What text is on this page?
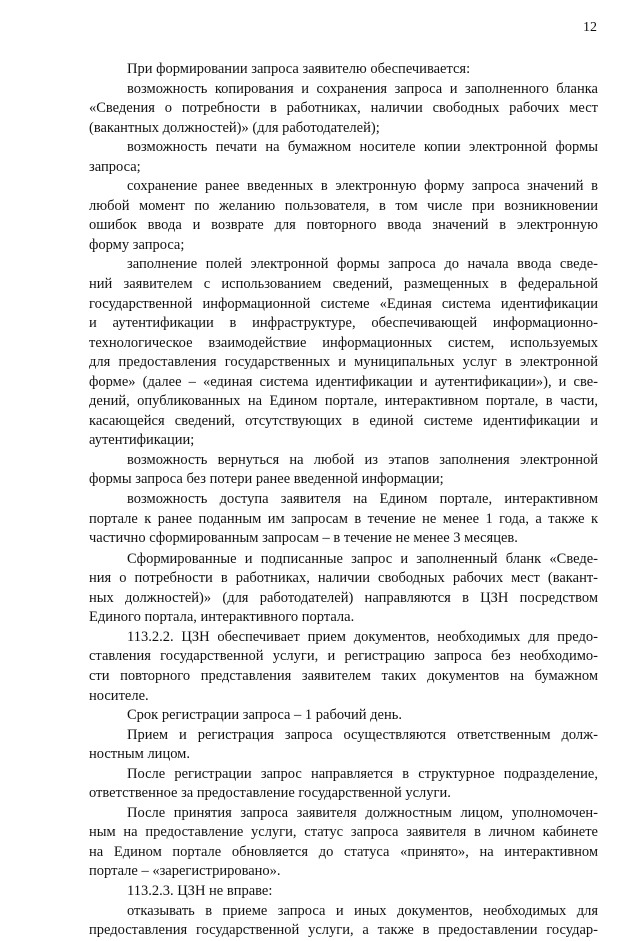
12
При формировании запроса заявителю обеспечивается:
возможность копирования и сохранения запроса и заполненного бланка
«Сведения о потребности в работниках, наличии свободных рабочих мест
(вакантных должностей)» (для работодателей);
возможность печати на бумажном носителе копии электронной формы
запроса;
сохранение ранее введенных в электронную форму запроса значений в
любой момент по желанию пользователя, в том числе при возникновении
ошибок ввода и возврате для повторного ввода значений в электронную
форму запроса;
заполнение полей электронной формы запроса до начала ввода сведе-
ний заявителем с использованием сведений, размещенных в федеральной
государственной информационной системе «Единая система идентификации
и аутентификации в инфраструктуре, обеспечивающей информационно-
технологическое взаимодействие информационных систем, используемых
для предоставления государственных и муниципальных услуг в электронной
форме» (далее – «единая система идентификации и аутентификации»), и све-
дений, опубликованных на Едином портале, интерактивном портале, в части,
касающейся сведений, отсутствующих в единой системе идентификации и
аутентификации;
возможность вернуться на любой из этапов заполнения электронной
формы запроса без потери ранее введенной информации;
возможность доступа заявителя на Едином портале, интерактивном
портале к ранее поданным им запросам в течение не менее 1 года, а также к
частично сформированным запросам – в течение не менее 3 месяцев.
Сформированные и подписанные запрос и заполненный бланк «Сведе-
ния о потребности в работниках, наличии свободных рабочих мест (вакант-
ных должностей)» (для работодателей) направляются в ЦЗН посредством
Единого портала, интерактивного портала.
113.2.2. ЦЗН обеспечивает прием документов, необходимых для предо-
ставления государственной услуги, и регистрацию запроса без необходимо-
сти повторного представления заявителем таких документов на бумажном
носителе.
Срок регистрации запроса – 1 рабочий день.
Прием и регистрация запроса осуществляются ответственным долж-
ностным лицом.
После регистрации запрос направляется в структурное подразделение,
ответственное за предоставление государственной услуги.
После принятия запроса заявителя должностным лицом, уполномочен-
ным на предоставление услуги, статус запроса заявителя в личном кабинете
на Едином портале обновляется до статуса «принято», на интерактивном
портале – «зарегистрировано».
113.2.3. ЦЗН не вправе:
отказывать в приеме запроса и иных документов, необходимых для
предоставления государственной услуги, а также в предоставлении государ-
